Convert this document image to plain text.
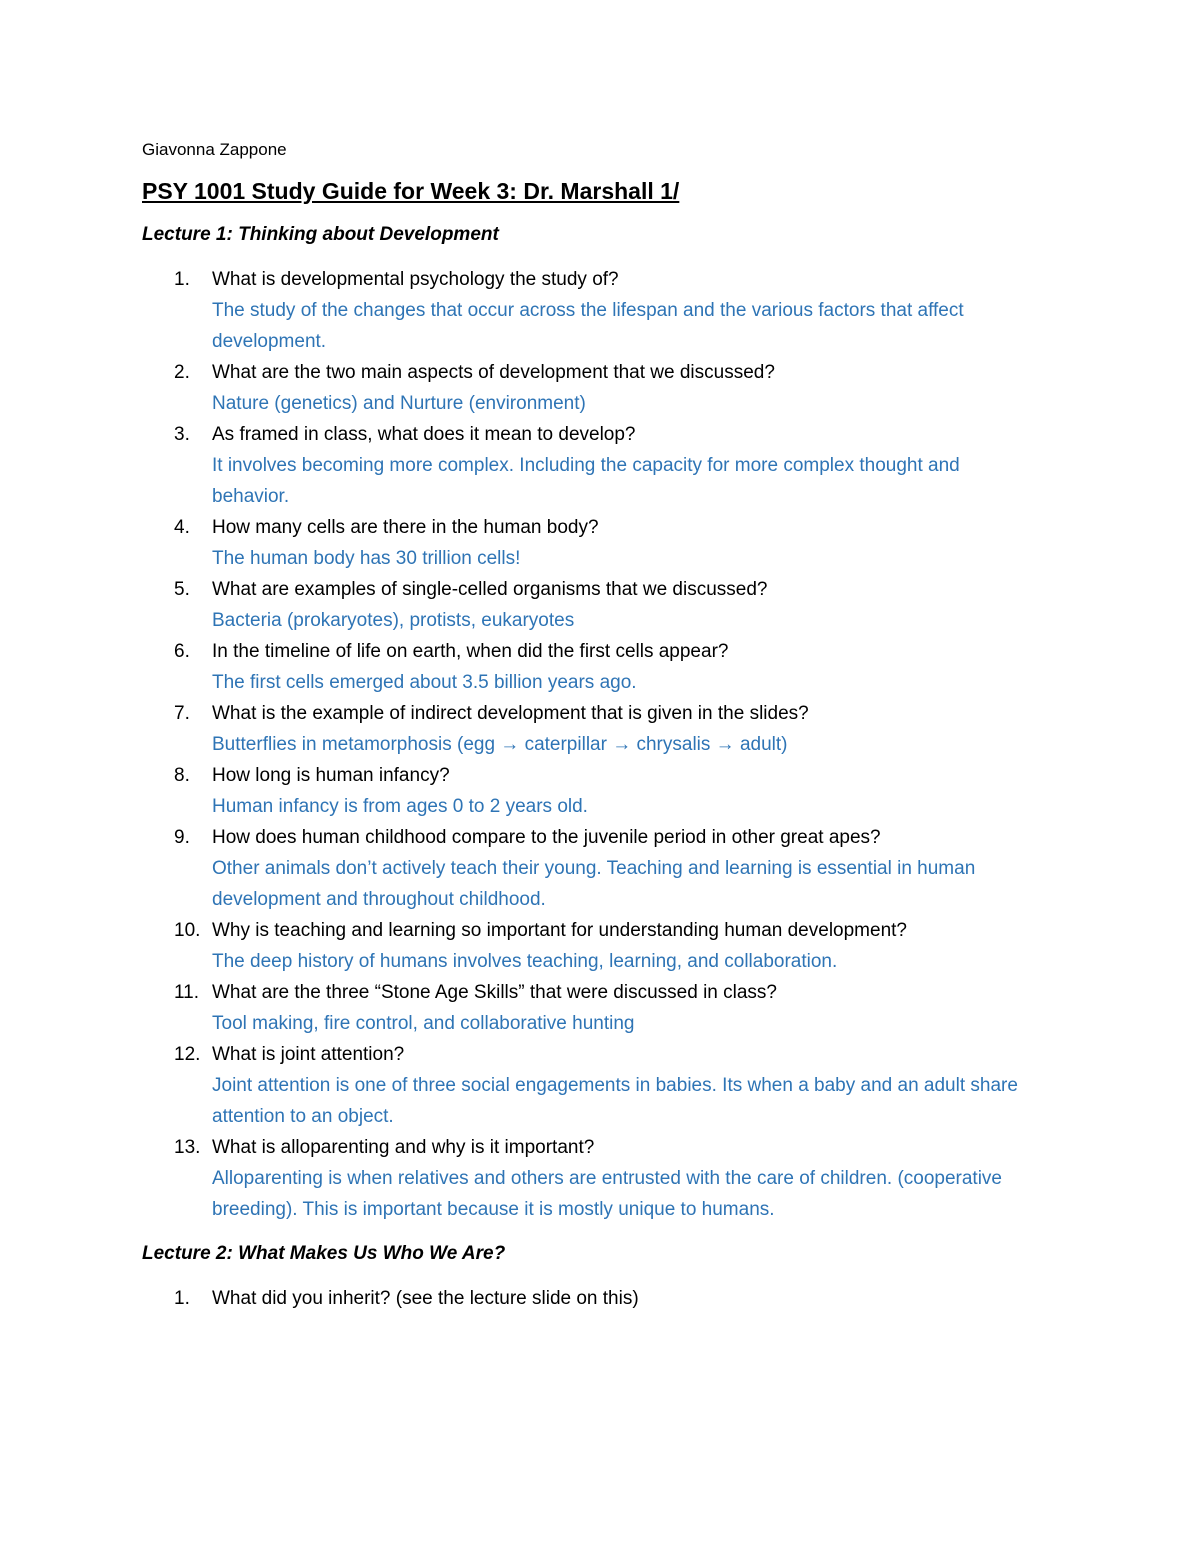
Giavonna Zappone
PSY 1001 Study Guide for Week 3: Dr. Marshall 1/
Lecture 1: Thinking about Development
1. What is developmental psychology the study of?
The study of the changes that occur across the lifespan and the various factors that affect development.
2. What are the two main aspects of development that we discussed?
Nature (genetics) and Nurture (environment)
3. As framed in class, what does it mean to develop?
It involves becoming more complex. Including the capacity for more complex thought and behavior.
4. How many cells are there in the human body?
The human body has 30 trillion cells!
5. What are examples of single-celled organisms that we discussed?
Bacteria (prokaryotes), protists, eukaryotes
6. In the timeline of life on earth, when did the first cells appear?
The first cells emerged about 3.5 billion years ago.
7. What is the example of indirect development that is given in the slides?
Butterflies in metamorphosis (egg → caterpillar → chrysalis → adult)
8. How long is human infancy?
Human infancy is from ages 0 to 2 years old.
9. How does human childhood compare to the juvenile period in other great apes?
Other animals don’t actively teach their young. Teaching and learning is essential in human development and throughout childhood.
10. Why is teaching and learning so important for understanding human development?
The deep history of humans involves teaching, learning, and collaboration.
11. What are the three “Stone Age Skills” that were discussed in class?
Tool making, fire control, and collaborative hunting
12. What is joint attention?
Joint attention is one of three social engagements in babies. Its when a baby and an adult share attention to an object.
13. What is alloparenting and why is it important?
Alloparenting is when relatives and others are entrusted with the care of children. (cooperative breeding). This is important because it is mostly unique to humans.
Lecture 2: What Makes Us Who We Are?
1. What did you inherit? (see the lecture slide on this)
